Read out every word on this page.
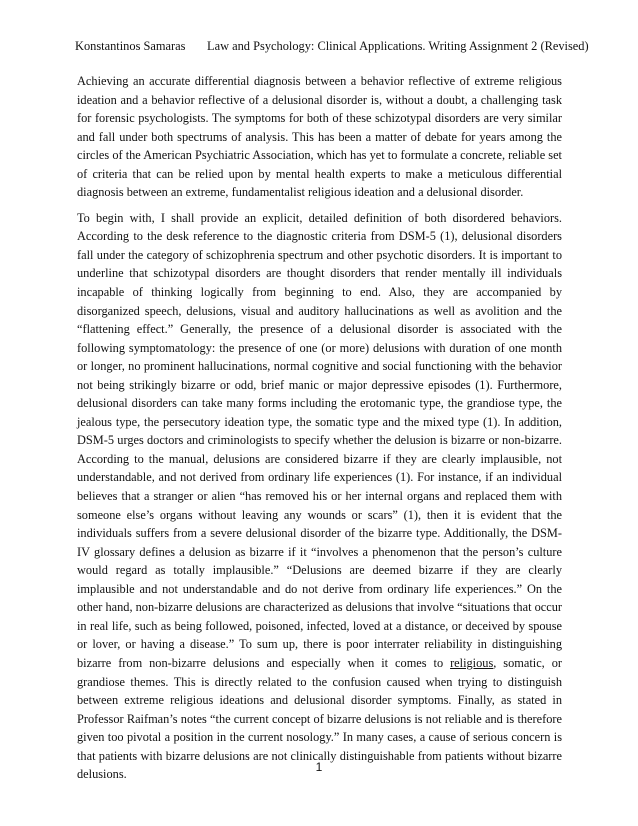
Konstantinos Samaras Law and Psychology: Clinical Applications. Writing Assignment 2 (Revised)

Achieving an accurate differential diagnosis between a behavior reflective of extreme religious ideation and a behavior reflective of a delusional disorder is, without a doubt, a challenging task for forensic psychologists. The symptoms for both of these schizotypal disorders are very similar and fall under both spectrums of analysis. This has been a matter of debate for years among the circles of the American Psychiatric Association, which has yet to formulate a concrete, reliable set of criteria that can be relied upon by mental health experts to make a meticulous differential diagnosis between an extreme, fundamentalist religious ideation and a delusional disorder.

To begin with, I shall provide an explicit, detailed definition of both disordered behaviors. According to the desk reference to the diagnostic criteria from DSM-5 (1), delusional disorders fall under the category of schizophrenia spectrum and other psychotic disorders. It is important to underline that schizotypal disorders are thought disorders that render mentally ill individuals incapable of thinking logically from beginning to end. Also, they are accompanied by disorganized speech, delusions, visual and auditory hallucinations as well as avolition and the “flattening effect.” Generally, the presence of a delusional disorder is associated with the following symptomatology: the presence of one (or more) delusions with duration of one month or longer, no prominent hallucinations, normal cognitive and social functioning with the behavior not being strikingly bizarre or odd, brief manic or major depressive episodes (1). Furthermore, delusional disorders can take many forms including the erotomanic type, the grandiose type, the jealous type, the persecutory ideation type, the somatic type and the mixed type (1). In addition, DSM-5 urges doctors and criminologists to specify whether the delusion is bizarre or non-bizarre. According to the manual, delusions are considered bizarre if they are clearly implausible, not understandable, and not derived from ordinary life experiences (1). For instance, if an individual believes that a stranger or alien “has removed his or her internal organs and replaced them with someone else’s organs without leaving any wounds or scars” (1), then it is evident that the individuals suffers from a severe delusional disorder of the bizarre type. Additionally, the DSM-IV glossary defines a delusion as bizarre if it “involves a phenomenon that the person’s culture would regard as totally implausible.” “Delusions are deemed bizarre if they are clearly implausible and not understandable and do not derive from ordinary life experiences.” On the other hand, non-bizarre delusions are characterized as delusions that involve “situations that occur in real life, such as being followed, poisoned, infected, loved at a distance, or deceived by spouse or lover, or having a disease.” To sum up, there is poor interrater reliability in distinguishing bizarre from non-bizarre delusions and especially when it comes to religious, somatic, or grandiose themes. This is directly related to the confusion caused when trying to distinguish between extreme religious ideations and delusional disorder symptoms. Finally, as stated in Professor Raifman’s notes “the current concept of bizarre delusions is not reliable and is therefore given too pivotal a position in the current nosology.” In many cases, a cause of serious concern is that patients with bizarre delusions are not clinically distinguishable from patients without bizarre delusions.

1
